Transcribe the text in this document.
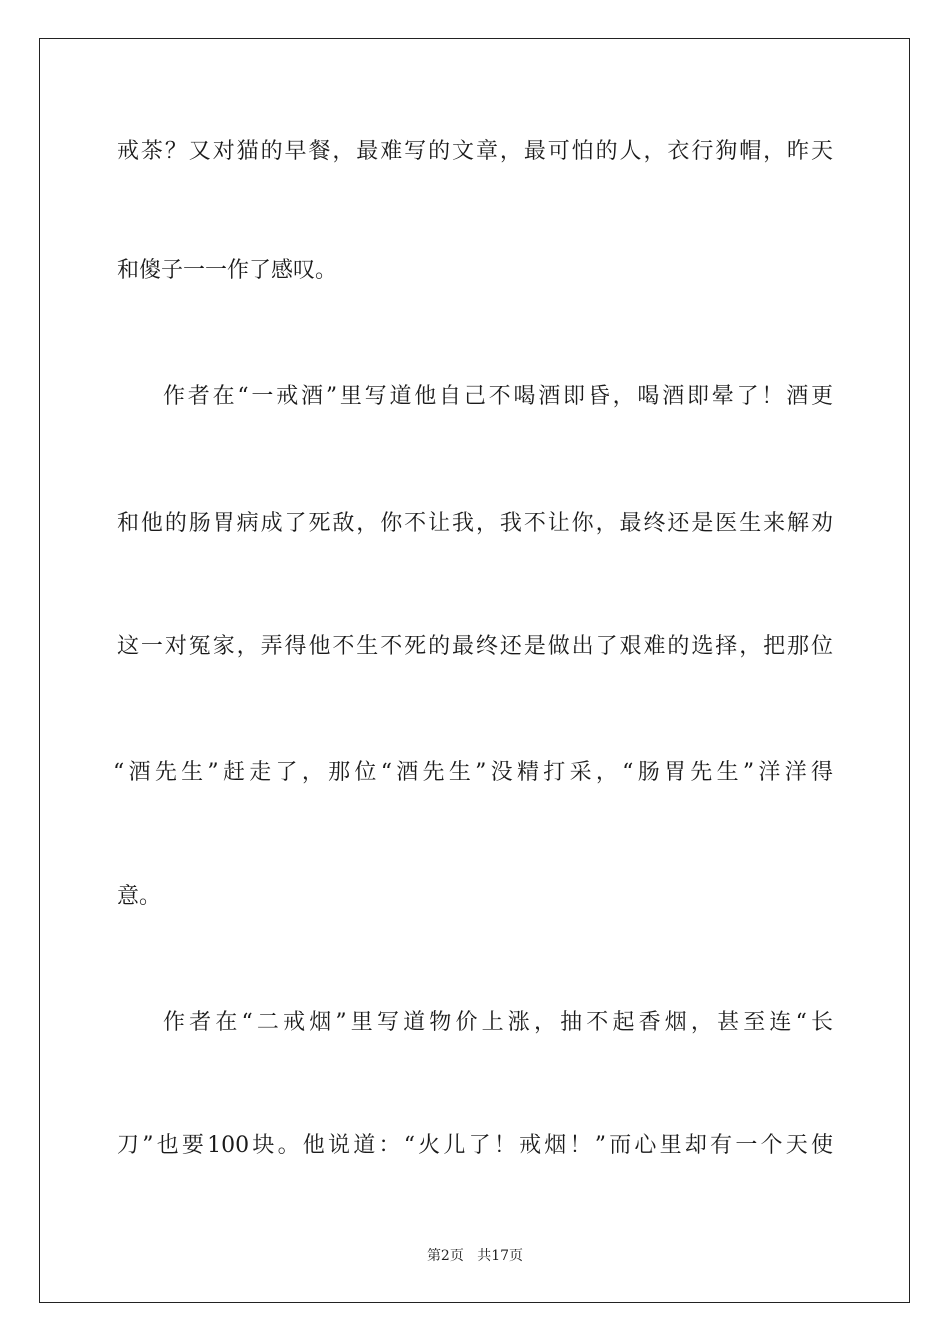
戒茶？又对猫的早餐，最难写的文章，最可怕的人，衣行狗帽，昨天
和傻子一一作了感叹。
作者在“一戒酒”里写道他自己不喝酒即昏，喝酒即晕了！酒更
和他的肠胃病成了死敌，你不让我，我不让你，最终还是医生来解劝
这一对冤家，弄得他不生不死的最终还是做出了艰难的选择，把那位
“酒先生”赶走了，那位“酒先生”没精打采，“肠胃先生”洋洋得
意。
作者在“二戒烟”里写道物价上涨，抽不起香烟，甚至连“长
刀”也要100块。他说道：“火儿了！戒烟！”而心里却有一个天使
第2页 共17页
